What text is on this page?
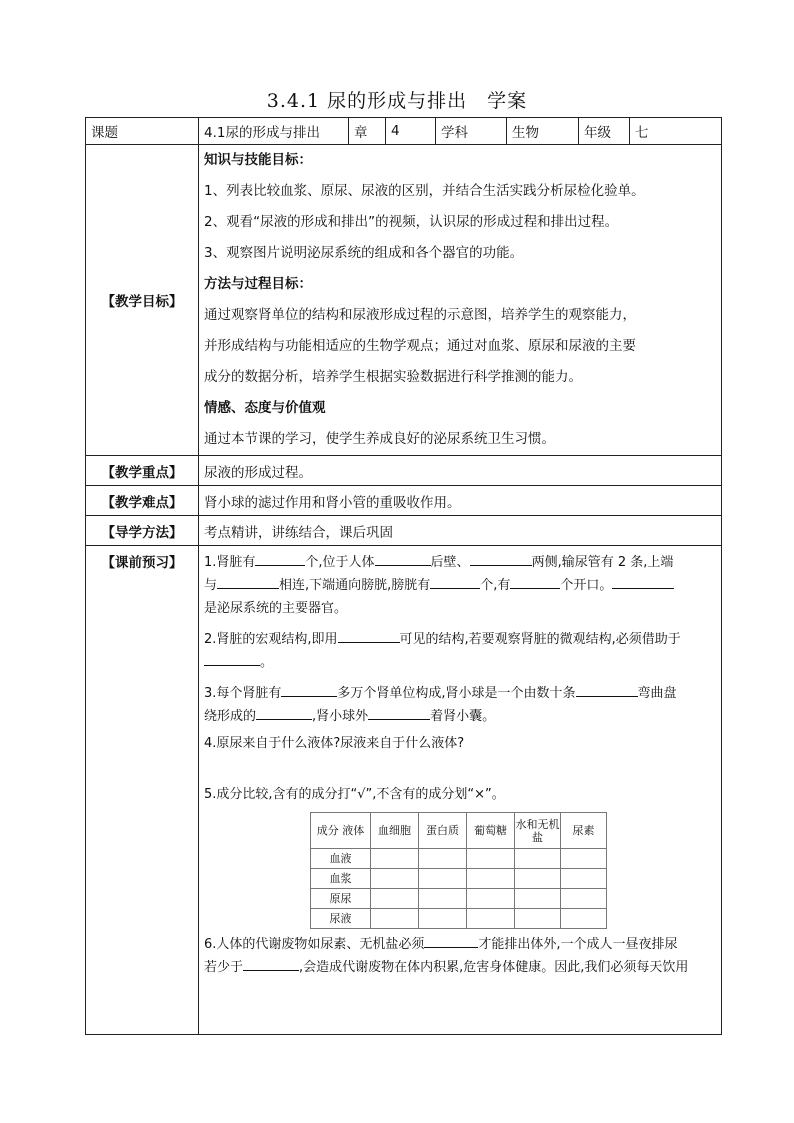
3.4.1 尿的形成与排出　学案
课题	4.1尿的形成与排出	章	4	学科	生物	年级	七
【教学目标】	
知识与技能目标：
1、列表比较血浆、原尿、尿液的区别，并结合生活实践分析尿检化验单。
2、观看“尿液的形成和排出”的视频，认识尿的形成过程和排出过程。
3、观察图片说明泌尿系统的组成和各个器官的功能。
方法与过程目标：
通过观察肾单位的结构和尿液形成过程的示意图，培养学生的观察能力，
并形成结构与功能相适应的生物学观点；通过对血浆、原尿和尿液的主要
成分的数据分析，培养学生根据实验数据进行科学推测的能力。
情感、态度与价值观
通过本节课的学习，使学生养成良好的泌尿系统卫生习惯。

【教学重点】	尿液的形成过程。
【教学难点】	肾小球的滤过作用和肾小管的重吸收作用。
【导学方法】	考点精讲，讲练结合，课后巩固
【课前预习】	1.肾脏有	个,位于人体	后壁、	两侧,输尿管有 2 条,上端
与	相连,下端通向膀胱,膀胱有	个,有	个开口。
是泌尿系统的主要器官。

2.肾脏的宏观结构,即用	可见的结构,若要观察肾脏的微观结构,必须借助于
。

3.每个肾脏有	多万个肾单位构成,肾小球是一个由数十条	弯曲盘
绕形成的	,肾小球外	着肾小囊。

4.原尿来自于什么液体?尿液来自于什么液体?

5.成分比较,含有的成分打“√”,不含有的成分划“×”。

成分 液体	血细胞	蛋白质	葡萄糖	水和无机盐	尿素
血液					
血浆					
原尿					
尿液					

6.人体的代谢废物如尿素、无机盐必须	才能排出体外,一个成人一昼夜排尿
若少于	,会造成代谢废物在体内积累,危害身体健康。因此,我们必须每天饮用
